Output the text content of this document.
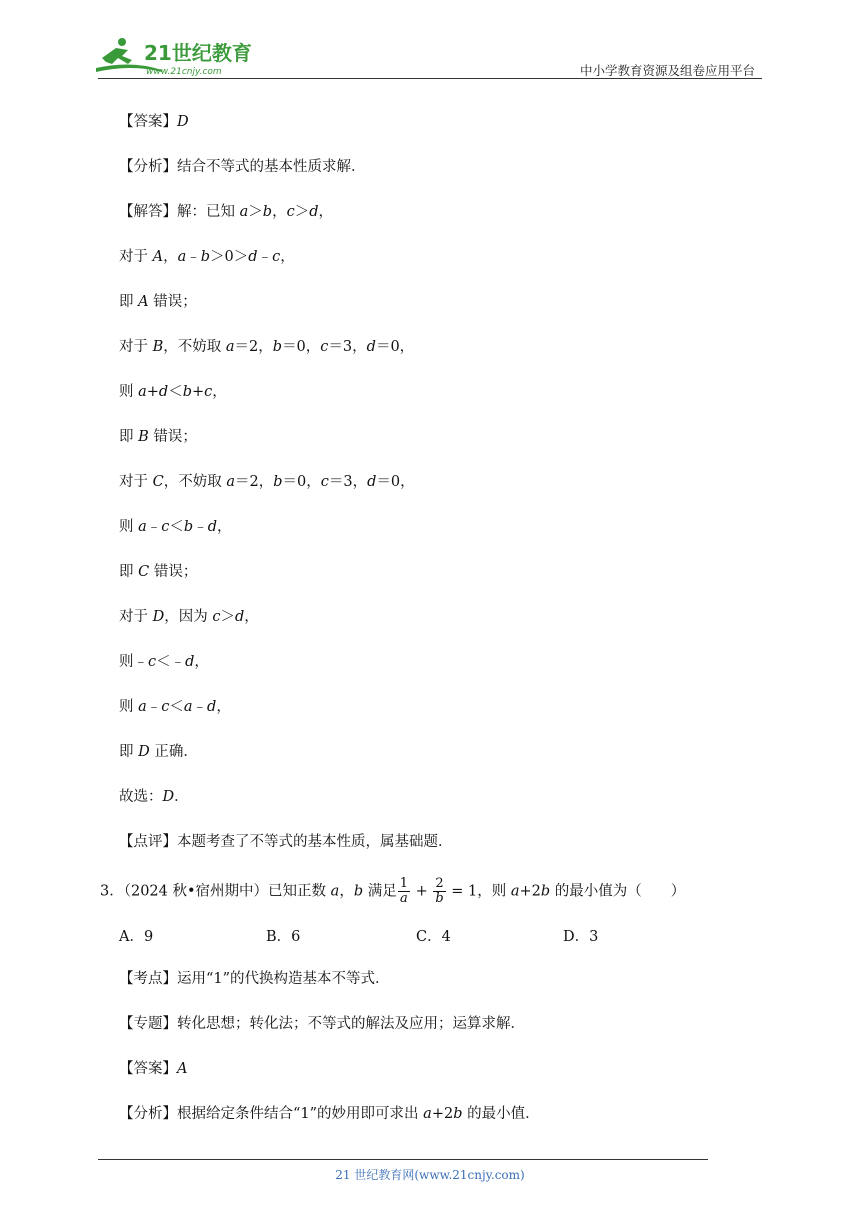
21世纪教育
www.21cnjy.com	中小学教育资源及组卷应用平台
【答案】D
【分析】结合不等式的基本性质求解．
【解答】解：已知 a＞b，c＞d，
对于 A，a﹣b＞0＞d﹣c，
即 A 错误；
对于 B，不妨取 a＝2，b＝0，c＝3，d＝0，
则 a+d＜b+c，
即 B 错误；
对于 C，不妨取 a＝2，b＝0，c＝3，d＝0，
则 a﹣c＜b﹣d，
即 C 错误；
对于 D，因为 c＞d，
则﹣c＜﹣d，
则 a﹣c＜a﹣d，
即 D 正确．
故选：D．
【点评】本题考查了不等式的基本性质，属基础题．
3．（2024 秋•宿州期中）已知正数 a，b 满足 $\frac{1}{a} + \frac{2}{b} = 1$，则 a+2b 的最小值为（　　）
A．9	B．6	C．4	D．3
【考点】运用“1”的代换构造基本不等式．
【专题】转化思想；转化法；不等式的解法及应用；运算求解．
【答案】A
【分析】根据给定条件结合“1”的妙用即可求出 a+2b 的最小值．
21 世纪教育网(www.21cnjy.com)
